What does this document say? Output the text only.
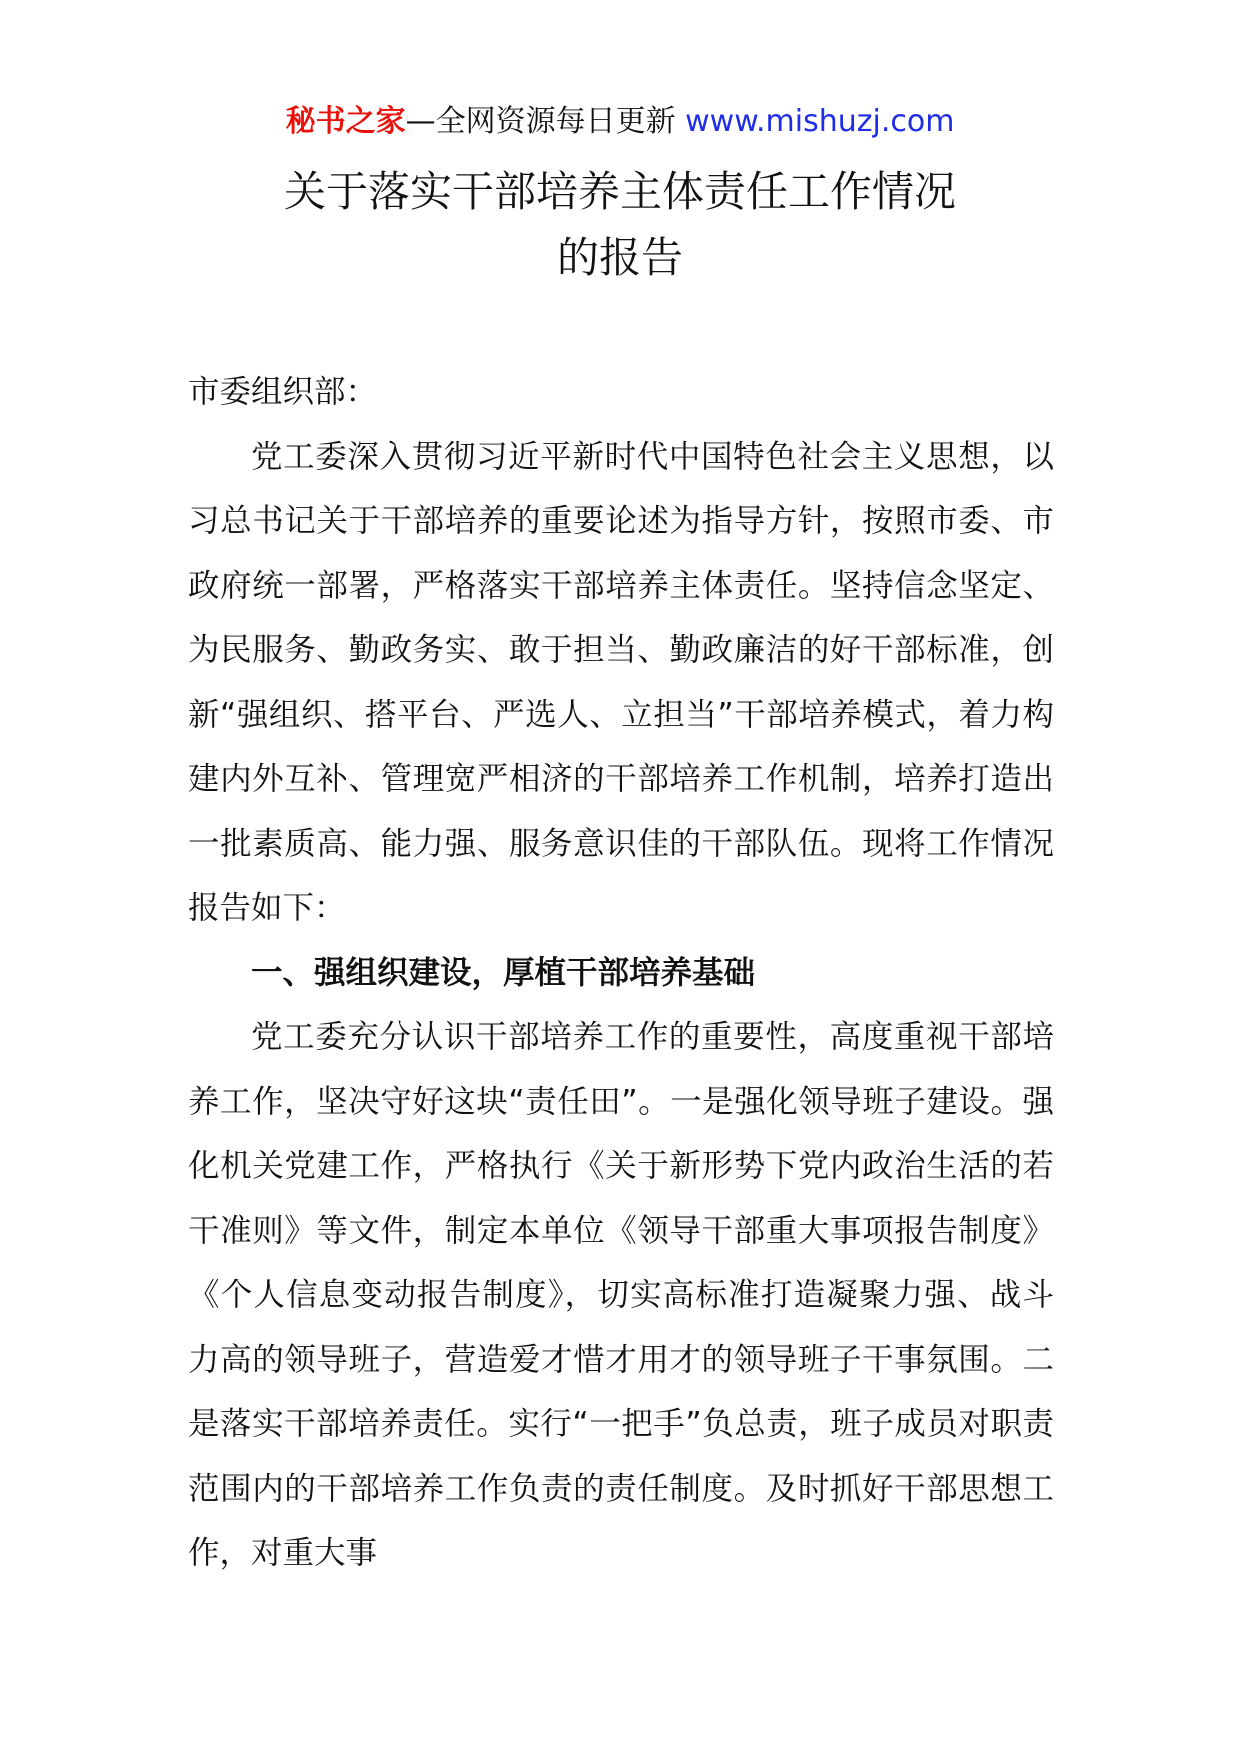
秘书之家—全网资源每日更新 www.mishuzj.com
关于落实干部培养主体责任工作情况
的报告

市委组织部：

党工委深入贯彻习近平新时代中国特色社会主义思想，以习总书记关于干部培养的重要论述为指导方针，按照市委、市政府统一部署，严格落实干部培养主体责任。坚持信念坚定、为民服务、勤政务实、敢于担当、勤政廉洁的好干部标准，创新“强组织、搭平台、严选人、立担当”干部培养模式，着力构建内外互补、管理宽严相济的干部培养工作机制，培养打造出一批素质高、能力强、服务意识佳的干部队伍。现将工作情况报告如下：

一、强组织建设，厚植干部培养基础

党工委充分认识干部培养工作的重要性，高度重视干部培养工作，坚决守好这块“责任田”。一是强化领导班子建设。强化机关党建工作，严格执行《关于新形势下党内政治生活的若干准则》等文件，制定本单位《领导干部重大事项报告制度》《个人信息变动报告制度》，切实高标准打造凝聚力强、战斗力高的领导班子，营造爱才惜才用才的领导班子干事氛围。二是落实干部培养责任。实行“一把手”负总责，班子成员对职责范围内的干部培养工作负责的责任制度。及时抓好干部思想工作，对重大事
